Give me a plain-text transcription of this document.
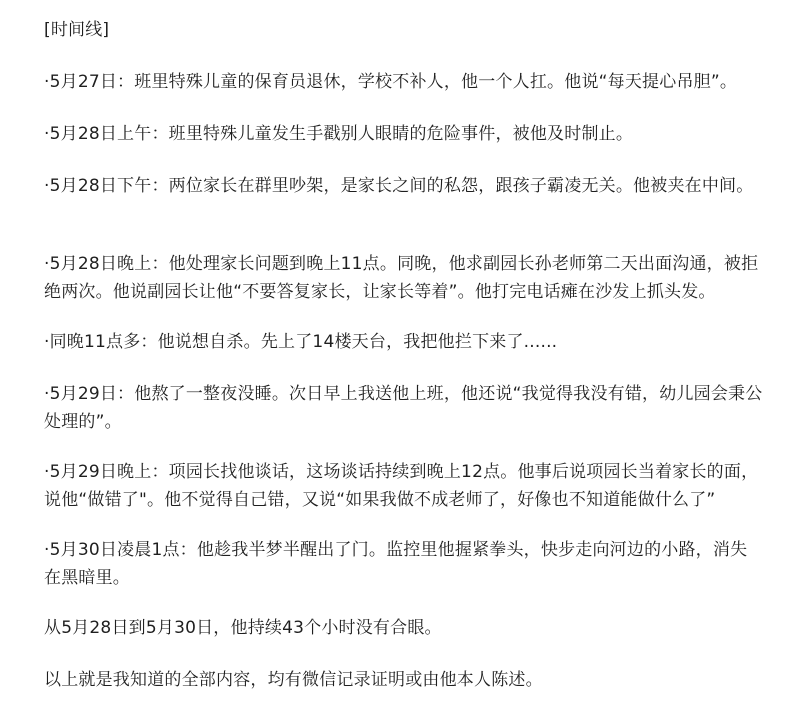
[时间线]
·5月27日：班里特殊儿童的保育员退休，学校不补人，他一个人扛。他说“每天提心吊胆”。
·5月28日上午：班里特殊儿童发生手戳别人眼睛的危险事件，被他及时制止。
·5月28日下午：两位家长在群里吵架，是家长之间的私怨，跟孩子霸凌无关。他被夹在中间。
·5月28日晚上：他处理家长问题到晚上11点。同晚，他求副园长孙老师第二天出面沟通，被拒绝两次。他说副园长让他“不要答复家长，让家长等着”。他打完电话瘫在沙发上抓头发。
·同晚11点多：他说想自杀。先上了14楼天台，我把他拦下来了......
·5月29日：他熬了一整夜没睡。次日早上我送他上班，他还说“我觉得我没有错，幼儿园会秉公处理的”。
·5月29日晚上：项园长找他谈话，这场谈话持续到晚上12点。他事后说项园长当着家长的面，说他“做错了"。他不觉得自己错，又说“如果我做不成老师了，好像也不知道能做什么了”
·5月30日凌晨1点：他趁我半梦半醒出了门。监控里他握紧拳头，快步走向河边的小路，消失在黑暗里。
从5月28日到5月30日，他持续43个小时没有合眼。
以上就是我知道的全部内容，均有微信记录证明或由他本人陈述。
